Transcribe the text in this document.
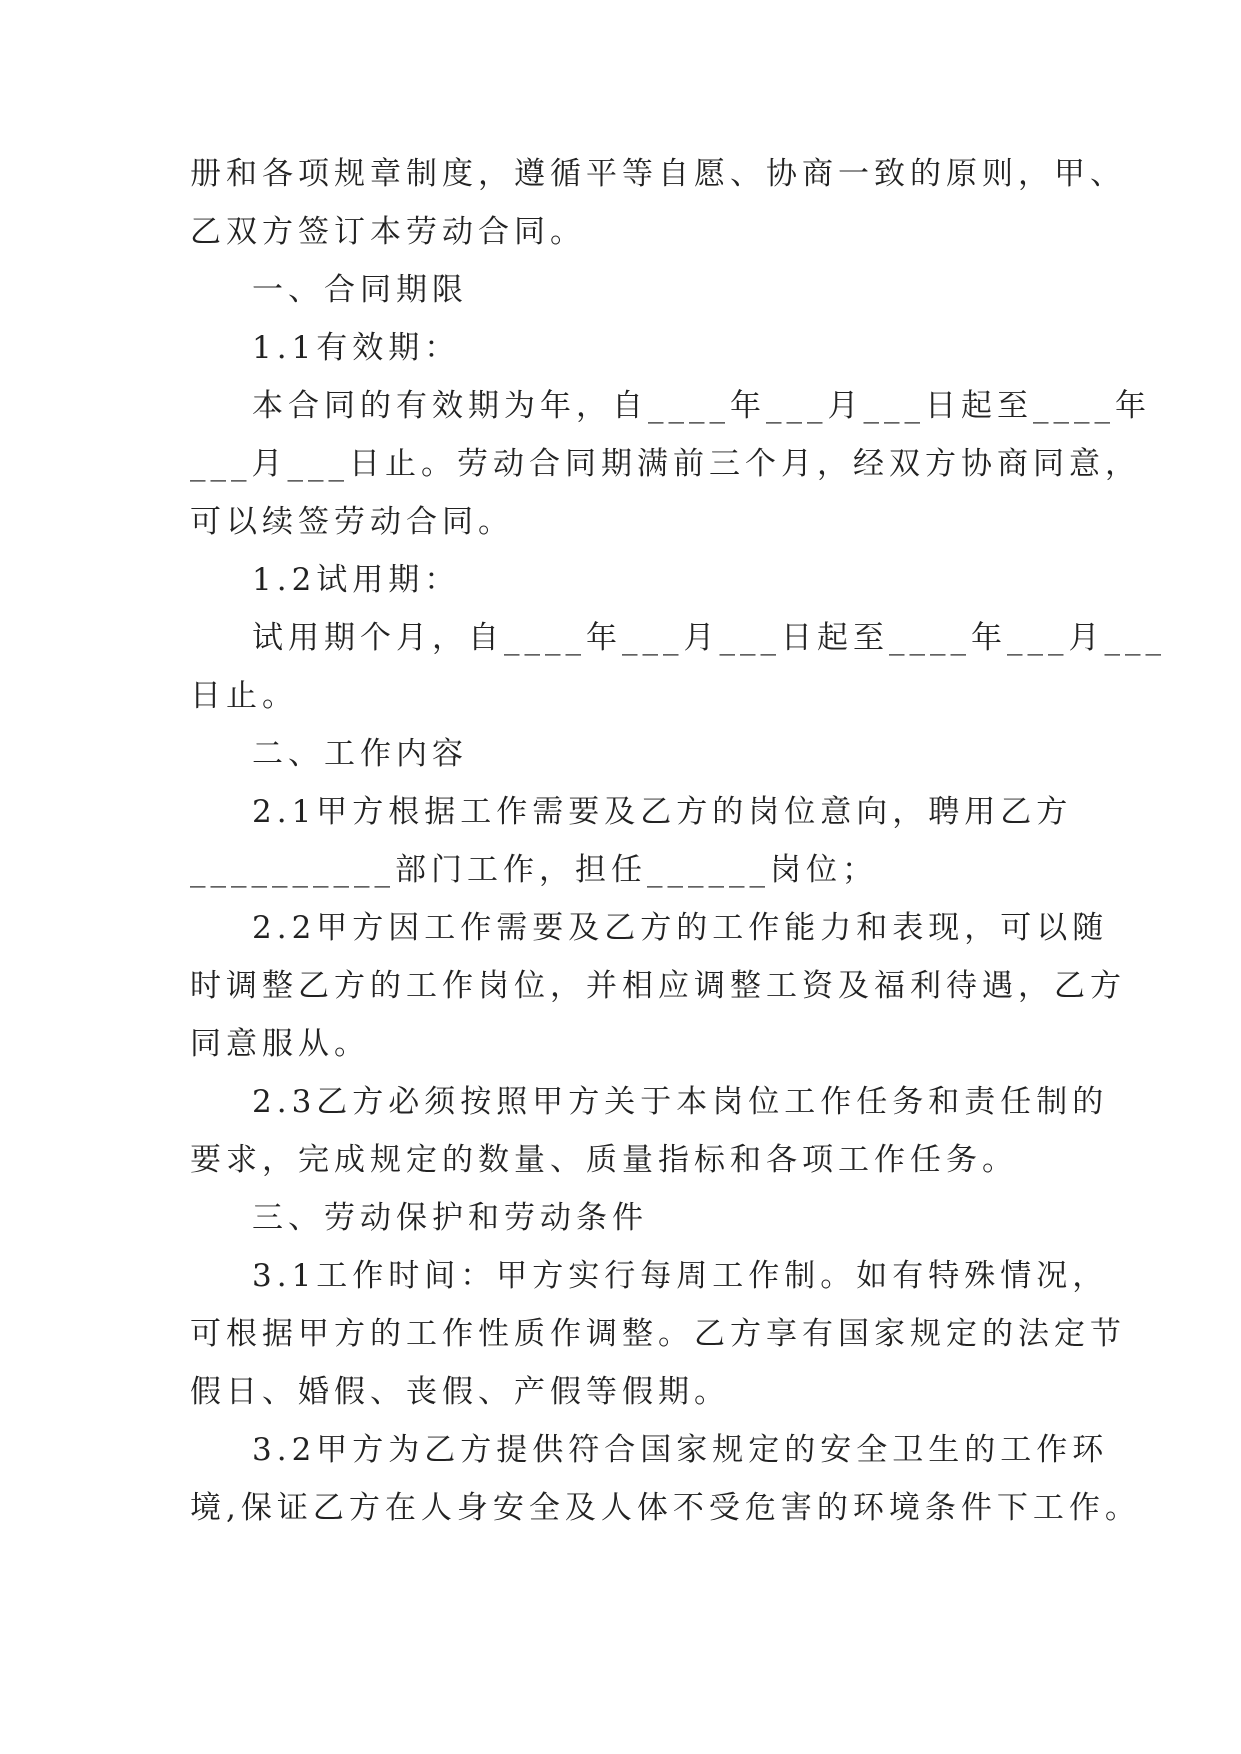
册和各项规章制度，遵循平等自愿、协商一致的原则，甲、
乙双方签订本劳动合同。
一、合同期限
1.1有效期：
本合同的有效期为年，自____年___月___日起至____年
___月___日止。劳动合同期满前三个月，经双方协商同意，
可以续签劳动合同。
1.2试用期：
试用期个月，自____年___月___日起至____年___月___
日止。
二、工作内容
2.1甲方根据工作需要及乙方的岗位意向，聘用乙方
__________部门工作，担任______岗位；
2.2甲方因工作需要及乙方的工作能力和表现，可以随
时调整乙方的工作岗位，并相应调整工资及福利待遇，乙方
同意服从。
2.3乙方必须按照甲方关于本岗位工作任务和责任制的
要求，完成规定的数量、质量指标和各项工作任务。
三、劳动保护和劳动条件
3.1工作时间：甲方实行每周工作制。如有特殊情况，
可根据甲方的工作性质作调整。乙方享有国家规定的法定节
假日、婚假、丧假、产假等假期。
3.2甲方为乙方提供符合国家规定的安全卫生的工作环
境,保证乙方在人身安全及人体不受危害的环境条件下工作。
